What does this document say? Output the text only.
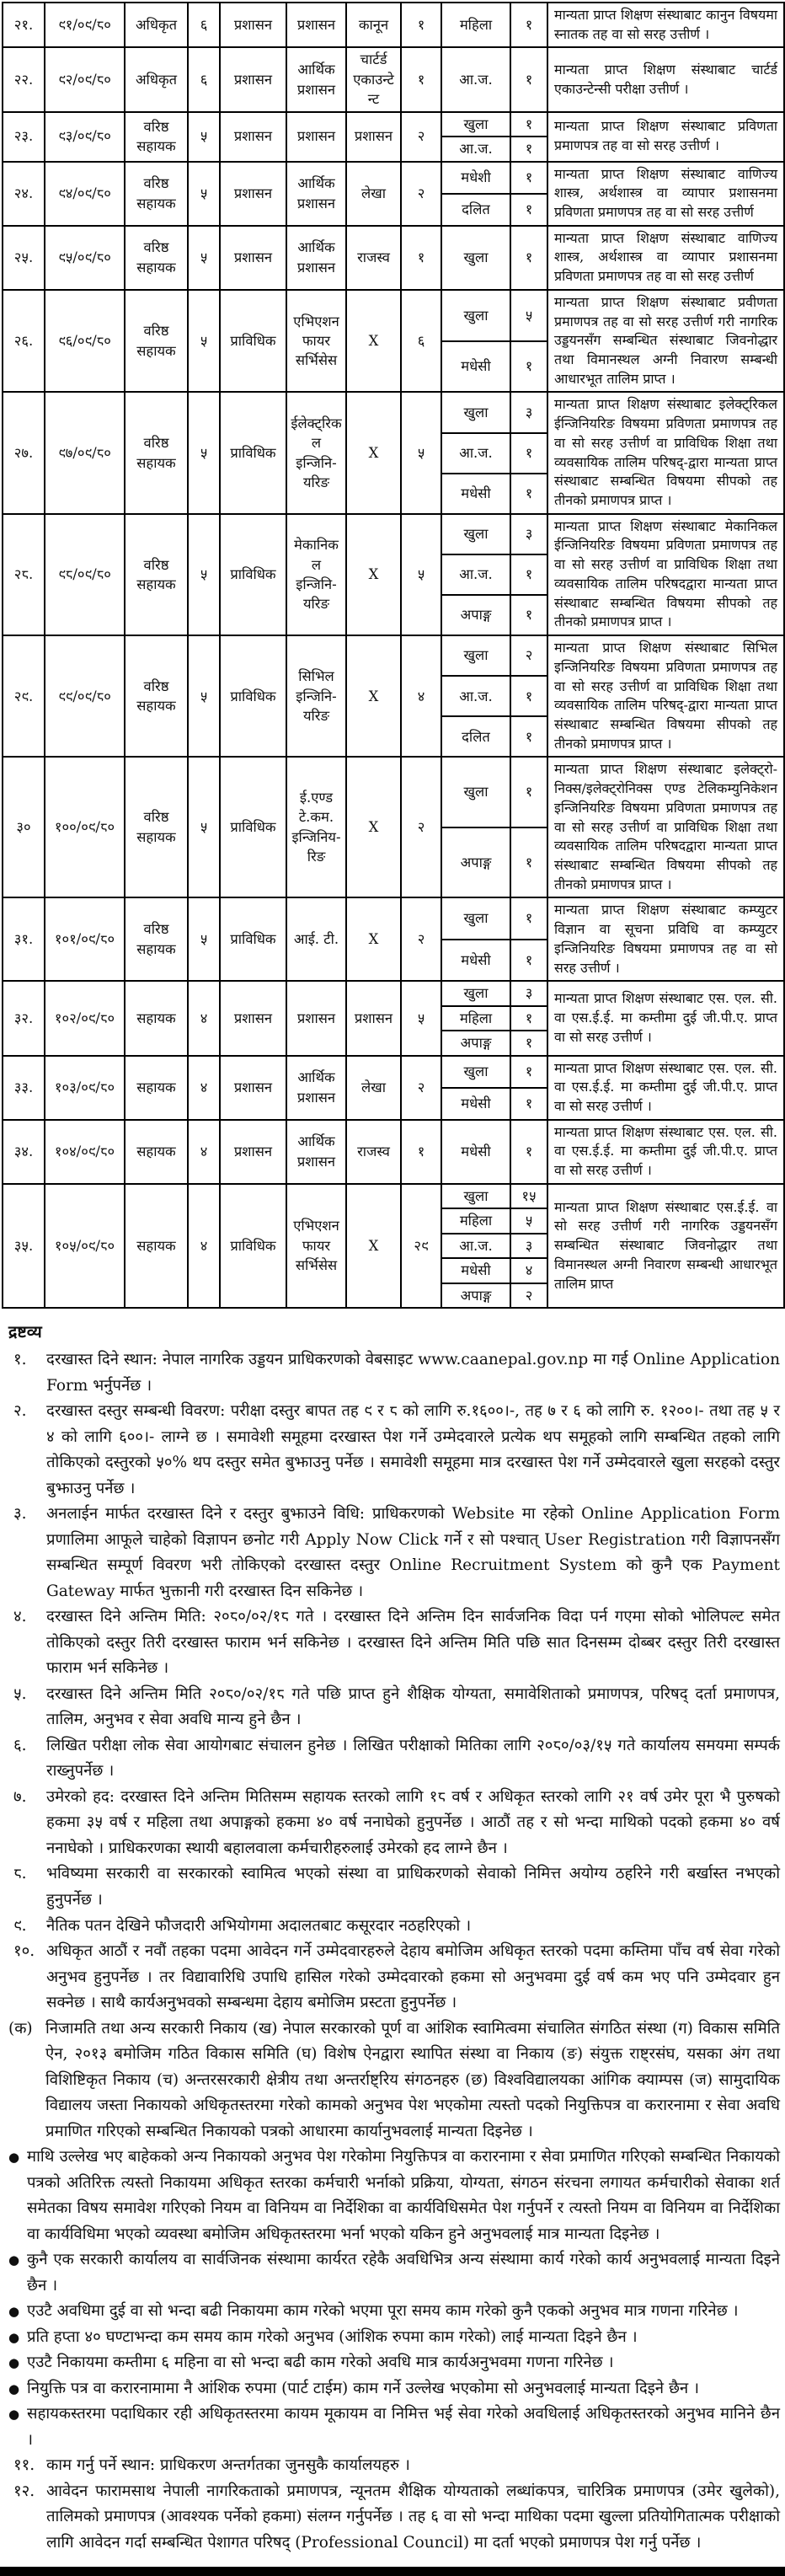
२१.	९१/०९/८०	अधिकृत	६	प्रशासन	प्रशासन	कानून	१	महिला	१	मान्यता प्राप्त शिक्षण संस्थाबाट कानुन विषयमा स्नातक तह वा सो सरह उत्तीर्ण ।
२२.	९२/०९/८०	अधिकृत	६	प्रशासन	आर्थिक प्रशासन	चार्टर्ड एकाउन्टेन्ट	१	आ.ज.	१	मान्यता प्राप्त शिक्षण संस्थाबाट चार्टर्ड एकाउन्टेन्सी परीक्षा उत्तीर्ण ।
२३.	९३/०९/८०	वरिष्ठ सहायक	५	प्रशासन	प्रशासन	प्रशासन	२	खुला	१	मान्यता प्राप्त शिक्षण संस्थाबाट प्रविणता प्रमाणपत्र तह वा सो सरह उत्तीर्ण ।
								आ.ज.	१	
२४.	९४/०९/८०	वरिष्ठ सहायक	५	प्रशासन	आर्थिक प्रशासन	लेखा	२	मधेशी	१	मान्यता प्राप्त शिक्षण संस्थाबाट वाणिज्य शास्त्र, अर्थशास्त्र वा व्यापार प्रशासनमा प्रविणता प्रमाणपत्र तह वा सो सरह उत्तीर्ण
								दलित	१	
२५.	९५/०९/८०	वरिष्ठ सहायक	५	प्रशासन	आर्थिक प्रशासन	राजस्व	१	खुला	१	मान्यता प्राप्त शिक्षण संस्थाबाट वाणिज्य शास्त्र, अर्थशास्त्र वा व्यापार प्रशासनमा प्रविणता प्रमाणपत्र तह वा सो सरह उत्तीर्ण
२६.	९६/०९/८०	वरिष्ठ सहायक	५	प्राविधिक	एभिएशन फायर सर्भिसेस	X	६	खुला	५	मान्यता प्राप्त शिक्षण संस्थाबाट प्रवीणता प्रमाणपत्र तह वा सो सरह उत्तीर्ण गरी नागरिक उड्डयनसँग सम्बन्धित संस्थाबाट जिवनोद्धार तथा विमानस्थल अग्नी निवारण सम्बन्धी आधारभूत तालिम प्राप्त ।
								मधेसी	१	
२७.	९७/०९/८०	वरिष्ठ सहायक	५	प्राविधिक	ईलेक्ट्रिकल इन्जिनि-यरिङ	X	५	खुला	३	मान्यता प्राप्त शिक्षण संस्थाबाट इलेक्ट्रिकल ईन्जिनियरिङ विषयमा प्रविणता प्रमाणपत्र तह वा सो सरह उत्तीर्ण वा प्राविधिक शिक्षा तथा व्यवसायिक तालिम परिषद्-द्वारा मान्यता प्राप्त संस्थाबाट सम्बन्धित विषयमा सीपको तह तीनको प्रमाणपत्र प्राप्त ।
								आ.ज.	१	
								मधेसी	१	
२८.	९८/०९/८०	वरिष्ठ सहायक	५	प्राविधिक	मेकानिकल इन्जिनि-यरिङ	X	५	खुला	३	मान्यता प्राप्त शिक्षण संस्थाबाट मेकानिकल ईन्जिनियरिङ विषयमा प्रविणता प्रमाणपत्र तह वा सो सरह उत्तीर्ण वा प्राविधिक शिक्षा तथा व्यवसायिक तालिम परिषदद्वारा मान्यता प्राप्त संस्थाबाट सम्बन्धित विषयमा सीपको तह तीनको प्रमाणपत्र प्राप्त ।
								आ.ज.	१	
								अपाङ्ग	१	
२९.	९९/०९/८०	वरिष्ठ सहायक	५	प्राविधिक	सिभिल इन्जिनि-यरिङ	X	४	खुला	२	मान्यता प्राप्त शिक्षण संस्थाबाट सिभिल इन्जिनियरिङ विषयमा प्रविणता प्रमाणपत्र तह वा सो सरह उत्तीर्ण वा प्राविधिक शिक्षा तथा व्यवसायिक तालिम परिषद्-द्वारा मान्यता प्राप्त संस्थाबाट सम्बन्धित विषयमा सीपको तह तीनको प्रमाणपत्र प्राप्त ।
								आ.ज.	१	
								दलित	१	
३०	१००/०९/८०	वरिष्ठ सहायक	५	प्राविधिक	ई.एण्ड टे.कम. इन्जिनिय-रिङ	X	२	खुला	१	मान्यता प्राप्त शिक्षण संस्थाबाट इलेक्ट्रो-निक्स/इलेक्ट्रोनिक्स एण्ड टेलिकम्युनिकेशन इन्जिनियरिङ विषयमा प्रविणता प्रमाणपत्र तह वा सो सरह उत्तीर्ण वा प्राविधिक शिक्षा तथा व्यवसायिक तालिम परिषदद्वारा मान्यता प्राप्त संस्थाबाट सम्बन्धित विषयमा सीपको तह तीनको प्रमाणपत्र प्राप्त ।
								अपाङ्ग	१	
३१.	१०१/०९/८०	वरिष्ठ सहायक	५	प्राविधिक	आई. टी.	X	२	खुला	१	मान्यता प्राप्त शिक्षण संस्थाबाट कम्प्युटर विज्ञान वा सूचना प्रविधि वा कम्प्युटर इन्जिनियरिङ विषयमा प्रमाणपत्र तह वा सो सरह उत्तीर्ण ।
								मधेसी	१	
३२.	१०२/०९/८०	सहायक	४	प्रशासन	प्रशासन	प्रशासन	५	खुला	३	मान्यता प्राप्त शिक्षण संस्थाबाट एस. एल. सी. वा एस.ई.ई. मा कम्तीमा दुई जी.पी.ए. प्राप्त वा सो सरह उत्तीर्ण ।
								महिला	१	
								अपाङ्ग	१	
३३.	१०३/०९/८०	सहायक	४	प्रशासन	आर्थिक प्रशासन	लेखा	२	खुला	१	मान्यता प्राप्त शिक्षण संस्थाबाट एस. एल. सी. वा एस.ई.ई. मा कम्तीमा दुई जी.पी.ए. प्राप्त वा सो सरह उत्तीर्ण ।
								मधेसी	१	
३४.	१०४/०९/८०	सहायक	४	प्रशासन	आर्थिक प्रशासन	राजस्व	१	मधेसी	१	मान्यता प्राप्त शिक्षण संस्थाबाट एस. एल. सी. वा एस.ई.ई. मा कम्तीमा दुई जी.पी.ए. प्राप्त वा सो सरह उत्तीर्ण ।
३५.	१०५/०९/८०	सहायक	४	प्राविधिक	एभिएशन फायर सर्भिसेस	X	२९	खुला	१५	मान्यता प्राप्त शिक्षण संस्थाबाट एस.ई.ई. वा सो सरह उत्तीर्ण गरी नागरिक उड्डयनसँग सम्बन्धित संस्थाबाट जिवनोद्धार तथा विमानस्थल अग्नी निवारण सम्बन्धी आधारभूत तालिम प्राप्त
								महिला	५	
								आ.ज.	३	
								मधेसी	४	
								अपाङ्ग	२	
द्रष्टव्य
१.	दरखास्त दिने स्थान: नेपाल नागरिक उड्डयन प्राधिकरणको वेबसाइट www.caanepal.gov.np मा गई Online Application Form भर्नुपर्नेछ ।
२.	दरखास्त दस्तुर सम्बन्धी विवरण: परीक्षा दस्तुर बापत तह ९ र ८ को लागि रु.१६००।-, तह ७ र ६ को लागि रु. १२००।- तथा तह ५ र ४ को लागि ६००।- लाग्ने छ । समावेशी समूहमा दरखास्त पेश गर्ने उम्मेदवारले प्रत्येक थप समूहको लागि सम्बन्धित तहको लागि तोकिएको दस्तुरको ५०% थप दस्तुर समेत बुझाउनु पर्नेछ । समावेशी समूहमा मात्र दरखास्त पेश गर्ने उम्मेदवारले खुला सरहको दस्तुर बुझाउनु पर्नेछ ।
३.	अनलाईन मार्फत दरखास्त दिने र दस्तुर बुझाउने विधि: प्राधिकरणको Website मा रहेको Online Application Form प्रणालिमा आफूले चाहेको विज्ञापन छनोट गरी Apply Now Click गर्ने र सो पश्चात् User Registration गरी विज्ञापनसँग सम्बन्धित सम्पूर्ण विवरण भरी तोकिएको दरखास्त दस्तुर Online Recruitment System को कुनै एक Payment Gateway मार्फत भुक्तानी गरी दरखास्त दिन सकिनेछ ।
४.	दरखास्त दिने अन्तिम मिति: २०८०/०२/१८ गते । दरखास्त दिने अन्तिम दिन सार्वजनिक विदा पर्न गएमा सोको भोलिपल्ट समेत तोकिएको दस्तुर तिरी दरखास्त फाराम भर्न सकिनेछ । दरखास्त दिने अन्तिम मिति पछि सात दिनसम्म दोब्बर दस्तुर तिरी दरखास्त फाराम भर्न सकिनेछ ।
५.	दरखास्त दिने अन्तिम मिति २०८०/०२/१८ गते पछि प्राप्त हुने शैक्षिक योग्यता, समावेशिताको प्रमाणपत्र, परिषद् दर्ता प्रमाणपत्र, तालिम, अनुभव र सेवा अवधि मान्य हुने छैन ।
६.	लिखित परीक्षा लोक सेवा आयोगबाट संचालन हुनेछ । लिखित परीक्षाको मितिका लागि २०८०/०३/१५ गते कार्यालय समयमा सम्पर्क राख्नुपर्नेछ ।
७.	उमेरको हद: दरखास्त दिने अन्तिम मितिसम्म सहायक स्तरको लागि १८ वर्ष र अधिकृत स्तरको लागि २१ वर्ष उमेर पूरा भै पुरुषको हकमा ३५ वर्ष र महिला तथा अपाङ्गको हकमा ४० वर्ष ननाघेको हुनुपर्नेछ । आठौं तह र सो भन्दा माथिको पदको हकमा ४० वर्ष ननाघेको । प्राधिकरणका स्थायी बहालवाला कर्मचारीहरुलाई उमेरको हद लाग्ने छैन ।
८.	भविष्यमा सरकारी वा सरकारको स्वामित्व भएको संस्था वा प्राधिकरणको सेवाको निमित्त अयोग्य ठहरिने गरी बर्खास्त नभएको हुनुपर्नेछ ।
९.	नैतिक पतन देखिने फौजदारी अभियोगमा अदालतबाट कसूरदार नठहरिएको ।
१०. अधिकृत आठौं र नवौं तहका पदमा आवेदन गर्ने उम्मेदवारहरुले देहाय बमोजिम अधिकृत स्तरको पदमा कम्तिमा पाँच वर्ष सेवा गरेको अनुभव हुनुपर्नेछ । तर विद्यावारिधि उपाधि हासिल गरेको उम्मेदवारको हकमा सो अनुभवमा दुई वर्ष कम भए पनि उम्मेदवार हुन सक्नेछ । साथै कार्यअनुभवको सम्बन्धमा देहाय बमोजिम प्रस्टता हुनुपर्नेछ ।
(क) निजामति तथा अन्य सरकारी निकाय (ख) नेपाल सरकारको पूर्ण वा आंशिक स्वामित्वमा संचालित संगठित संस्था (ग) विकास समिति ऐन, २०१३ बमोजिम गठित विकास समिति (घ) विशेष ऐनद्वारा स्थापित संस्था वा निकाय (ङ) संयुक्त राष्ट्रसंघ, यसका अंग तथा विशिष्टिकृत निकाय (च) अन्तरसरकारी क्षेत्रीय तथा अन्तर्राष्ट्रिय संगठनहरु (छ) विश्वविद्यालयका आंगिक क्याम्पस (ज) सामुदायिक विद्यालय जस्ता निकायको अधिकृतस्तरमा गरेको कामको अनुभव पेश भएकोमा त्यस्तो पदको नियुक्तिपत्र वा करारनामा र सेवा अवधि प्रमाणित गरिएको सम्बन्धित निकायको पत्रको आधारमा कार्यानुभवलाई मान्यता दिइनेछ ।
● माथि उल्लेख भए बाहेकको अन्य निकायको अनुभव पेश गरेकोमा नियुक्तिपत्र वा करारनामा र सेवा प्रमाणित गरिएको सम्बन्धित निकायको पत्रको अतिरिक्त त्यस्तो निकायमा अधिकृत स्तरका कर्मचारी भर्नाको प्रक्रिया, योग्यता, संगठन संरचना लगायत कर्मचारीको सेवाका शर्त समेतका विषय समावेश गरिएको नियम वा विनियम वा निर्देशिका वा कार्यविधिसमेत पेश गर्नुपर्ने र त्यस्तो नियम वा विनियम वा निर्देशिका वा कार्यविधिमा भएको व्यवस्था बमोजिम अधिकृतस्तरमा भर्ना भएको यकिन हुने अनुभवलाई मात्र मान्यता दिइनेछ ।
● कुनै एक सरकारी कार्यालय वा सार्वजिनक संस्थामा कार्यरत रहेकै अवधिभित्र अन्य संस्थामा कार्य गरेको कार्य अनुभवलाई मान्यता दिइने छैन ।
● एउटै अवधिमा दुई वा सो भन्दा बढी निकायमा काम गरेको भएमा पूरा समय काम गरेको कुनै एकको अनुभव मात्र गणना गरिनेछ ।
● प्रति हप्ता ४० घण्टाभन्दा कम समय काम गरेको अनुभव (आंशिक रुपमा काम गरेको) लाई मान्यता दिइने छैन ।
● एउटै निकायमा कम्तीमा ६ महिना वा सो भन्दा बढी काम गरेको अवधि मात्र कार्यअनुभवमा गणना गरिनेछ ।
● नियुक्ति पत्र वा करारनामामा नै आंशिक रुपमा (पार्ट टाईम) काम गर्ने उल्लेख भएकोमा सो अनुभवलाई मान्यता दिइने छैन ।
● सहायकस्तरमा पदाधिकार रही अधिकृतस्तरमा कायम मूकायम वा निमित्त भई सेवा गरेको अवधिलाई अधिकृतस्तरको अनुभव मानिने छैन ।
११. काम गर्नु पर्ने स्थान: प्राधिकरण अन्तर्गतका जुनसुकै कार्यालयहरु ।
१२. आवेदन फारामसाथ नेपाली नागरिकताको प्रमाणपत्र, न्यूनतम शैक्षिक योग्यताको लब्धांकपत्र, चारित्रिक प्रमाणपत्र (उमेर खुलेको), तालिमको प्रमाणपत्र (आवश्यक पर्नेको हकमा) संलग्न गर्नुपर्नेछ । तह ६ वा सो भन्दा माथिका पदमा खुल्ला प्रतियोगितात्मक परीक्षाको लागि आवेदन गर्दा सम्बन्धित पेशागत परिषद् (Professional Council) मा दर्ता भएको प्रमाणपत्र पेश गर्नु पर्नेछ ।
